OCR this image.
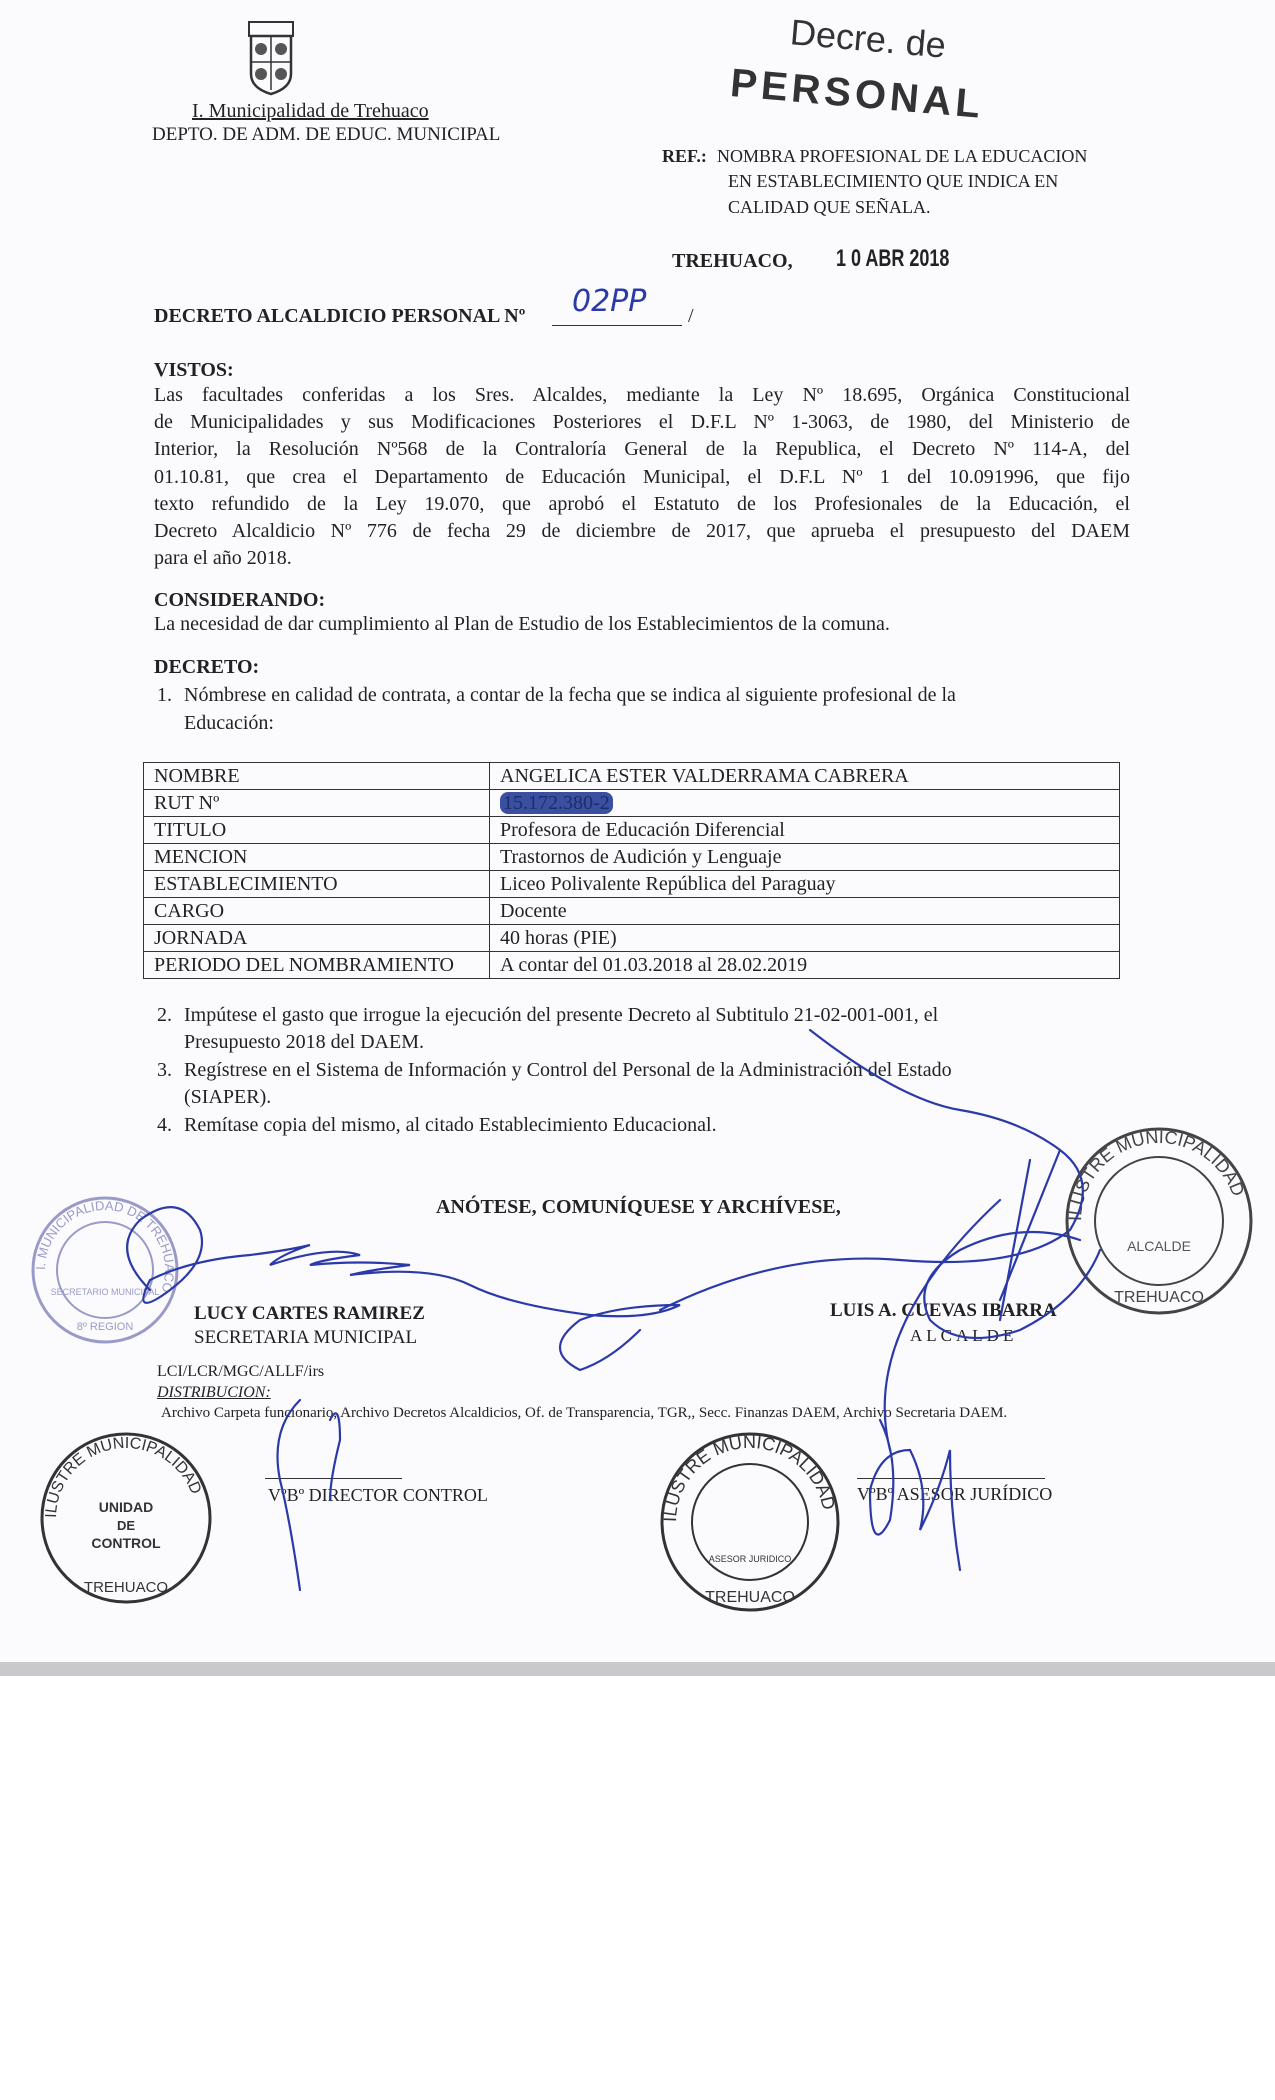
I. Municipalidad de Trehuaco
DEPTO. DE ADM. DE EDUC. MUNICIPAL
Decre. de
PERSONAL
REF.: NOMBRA PROFESIONAL DE LA EDUCACION
EN ESTABLECIMIENTO QUE INDICA EN
CALIDAD QUE SEÑALA.
TREHUACO, 1 0 ABR 2018
DECRETO ALCALDICIO PERSONAL Nº 02PP /
VISTOS:
Las facultades conferidas a los Sres. Alcaldes, mediante la Ley Nº 18.695, Orgánica Constitucional
de Municipalidades y sus Modificaciones Posteriores el D.F.L Nº 1-3063, de 1980, del Ministerio de
Interior, la Resolución Nº568 de la Contraloría General de la Republica, el Decreto Nº 114-A, del
01.10.81, que crea el Departamento de Educación Municipal, el D.F.L Nº 1 del 10.091996, que fijo
texto refundido de la Ley 19.070, que aprobó el Estatuto de los Profesionales de la Educación, el
Decreto Alcaldicio Nº 776 de fecha 29 de diciembre de 2017, que aprueba el presupuesto del DAEM
para el año 2018.
CONSIDERANDO:
La necesidad de dar cumplimiento al Plan de Estudio de los Establecimientos de la comuna.
DECRETO:
1. Nómbrese en calidad de contrata, a contar de la fecha que se indica al siguiente profesional de la
Educación:
NOMBRE	ANGELICA ESTER VALDERRAMA CABRERA
RUT Nº	15.172.380-2
TITULO	Profesora de Educación Diferencial
MENCION	Trastornos de Audición y Lenguaje
ESTABLECIMIENTO	Liceo Polivalente República del Paraguay
CARGO	Docente
JORNADA	40 horas (PIE)
PERIODO DEL NOMBRAMIENTO	A contar del 01.03.2018 al 28.02.2019
2. Impútese el gasto que irrogue la ejecución del presente Decreto al Subtitulo 21-02-001-001, el
Presupuesto 2018 del DAEM.
3. Regístrese en el Sistema de Información y Control del Personal de la Administración del Estado
(SIAPER).
4. Remítase copia del mismo, al citado Establecimiento Educacional.
ANÓTESE, COMUNÍQUESE Y ARCHÍVESE,
I. MUNICIPALIDAD DE TREHUACO
SECRETARIO MUNICIPAL
8º REGION
ILUSTRE MUNICIPALIDAD
ALCALDE
TREHUACO
ILUSTRE MUNICIPALIDAD
UNIDAD
DE
CONTROL
TREHUACO
ILUSTRE MUNICIPALIDAD
ASESOR JURIDICO
TREHUACO
LUCY CARTES RAMIREZ
SECRETARIA MUNICIPAL
LUIS A. CUEVAS IBARRA
ALCALDE
LCI/LCR/MGC/ALLF/irs
DISTRIBUCION:
Archivo Carpeta funcionario, Archivo Decretos Alcaldicios, Of. de Transparencia, TGR,, Secc. Finanzas DAEM, Archivo Secretaria DAEM.
VºBº DIRECTOR CONTROL	VºBº ASESOR JURÍDICO
